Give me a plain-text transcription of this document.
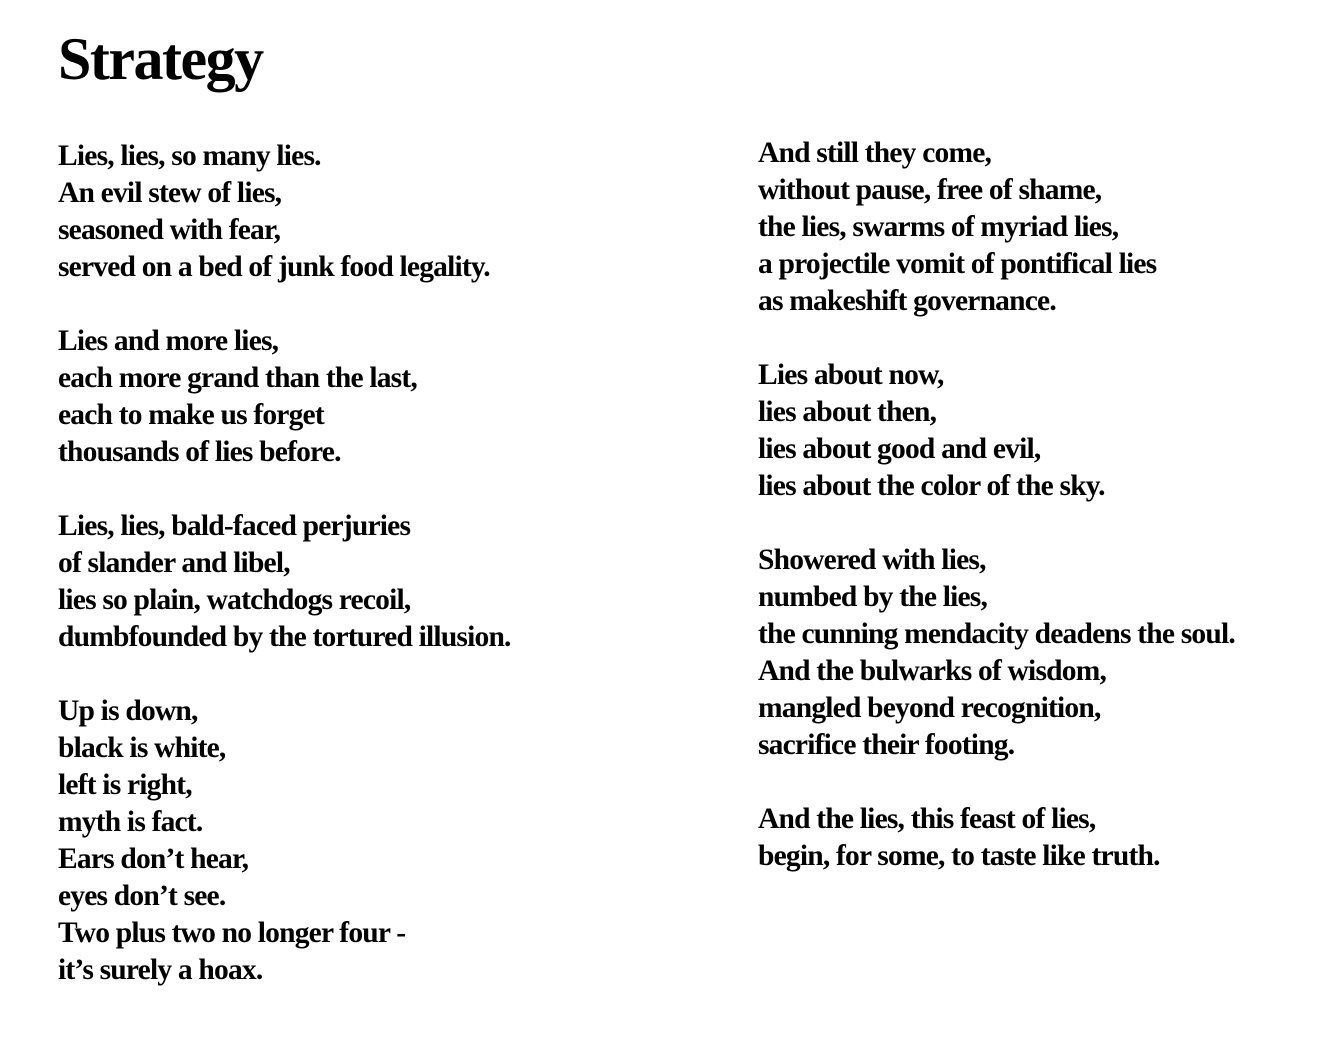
Strategy

Lies, lies, so many lies.
An evil stew of lies,
seasoned with fear,
served on a bed of junk food legality.

Lies and more lies,
each more grand than the last,
each to make us forget
thousands of lies before.

Lies, lies, bald-faced perjuries
of slander and libel,
lies so plain, watchdogs recoil,
dumbfounded by the tortured illusion.

Up is down,
black is white,
left is right,
myth is fact.
Ears don’t hear,
eyes don’t see.
Two plus two no longer four -
it’s surely a hoax.

And still they come,
without pause, free of shame,
the lies, swarms of myriad lies,
a projectile vomit of pontifical lies
as makeshift governance.

Lies about now,
lies about then,
lies about good and evil,
lies about the color of the sky.

Showered with lies,
numbed by the lies,
the cunning mendacity deadens the soul.
And the bulwarks of wisdom,
mangled beyond recognition,
sacrifice their footing.

And the lies, this feast of lies,
begin, for some, to taste like truth.
